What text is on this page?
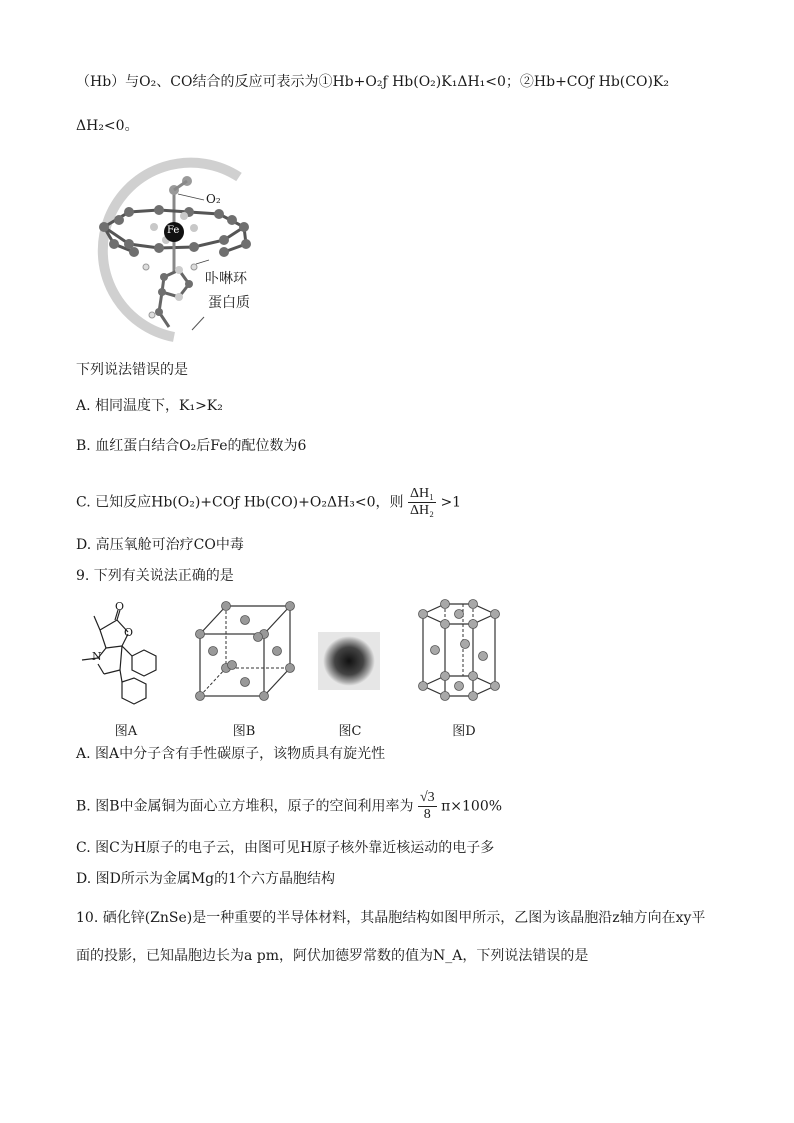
（Hb）与O₂、CO结合的反应可表示为①Hb+O₂ƒ Hb(O₂)K₁ΔH₁<0；②Hb+COƒ Hb(CO)K₂
ΔH₂<0。
O₂
Fe
卟啉环
蛋白质
下列说法错误的是
A. 相同温度下，K₁>K₂
B. 血红蛋白结合O₂后Fe的配位数为6
C. 已知反应Hb(O₂)+COƒ Hb(CO)+O₂ΔH₃<0，则 $\frac{\text{ΔH₁}}{\text{ΔH₂}} >1$
D. 高压氧舱可治疗CO中毒
9. 下列有关说法正确的是
O
O
N
图A	图B	图C	图D
A. 图A中分子含有手性碳原子，该物质具有旋光性
B. 图B中金属铜为面心立方堆积，原子的空间利用率为 $\frac{√3}{8} \pi\times 100\%$
C. 图C为H原子的电子云，由图可见H原子核外靠近核运动的电子多
D. 图D所示为金属Mg的1个六方晶胞结构
10. 硒化锌(ZnSe)是一种重要的半导体材料，其晶胞结构如图甲所示，乙图为该晶胞沿z轴方向在xy平
面的投影，已知晶胞边长为a pm，阿伏加德罗常数的值为N_A，下列说法错误的是
